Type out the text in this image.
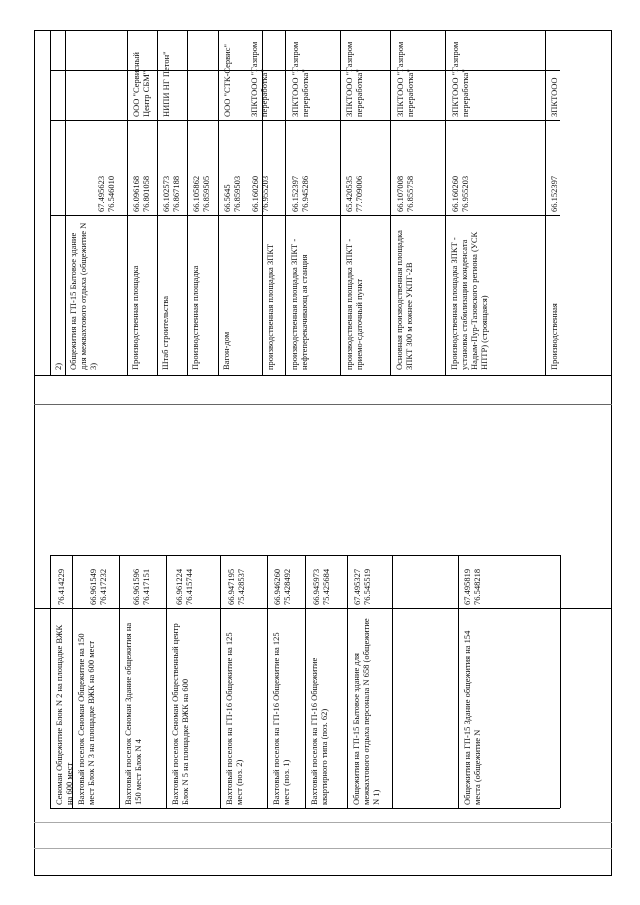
Сеноман Общежитие Блок N 2 на площадке ВЖК на 600 мест

76.414229

Вахтовый поселок Сеноман Общежитие на 150 мест Блок N 3 на площадке ВЖК на 600 мест

66.961549 76.417232

Вахтовый поселок Сеноман Здание общежития на 150 мест Блок N 4

66.961596 76.417151

Вахтовый поселок Сеноман Общественный центр Блок N 5 на площадке ВЖК на 600

66.961224 76.415744

Вахтовый поселок на ГП-16 Общежитие на 125 мест (поз. 2)

66.947195 75.428537

Вахтовый поселок на ГП-16 Общежитие на 125 мест (поз. 1)

66.946260 75.428492

Вахтовый поселок на ГП-16 Общежитие квартирного типа (поз. 62)

66.945973 75.425684

Общежития на ГП-15 Бытовое здание для межвахтового отдыха персонала N 658 (общежитие N 1)

67.495327 76.545519

Общежития на ГП-15 Здание общежития на 154 места (общежитие N

67.495819 76.548218

2) Общежития на ГП-15 Бытовое здание для межвахтового отдыха (общежитие N 3)

67.495623 76.546010

Производственная площадка

66.096168 76.801058

ООО "Сервисный Центр СБМ"

Штаб строительства

66.102573 76.867188

НИПИ НГ Петон"

Производственная площадка

66.105862 76.859505

Вагон-дом

66.5645 76.859503

ООО "СТК-Сервис"

производственная площадка ЗПКТ

66.160260 76.955203

ЗПКТООО "Газпром переработка"

производственная площадка ЗПКТ - нефтеперекачивающ ая станция

66.152397 76.945286

ЗПКТООО "Газпром переработка"

производственная площадка ЗПКТ - приемо-сдаточный пункт

65.420535 77.709006

ЗПКТООО "Газпром переработка"

Основная производственная площадка ЗПКТ 300 м южнее УКПГ-2В

66.107008 76.855758

ЗПКТООО "Газпром переработка"

Производственная площадка ЗПКТ - установка стабилизации конденсата Надым-Пур-Тазовского региона (УСК НПТР) (строящаяся)

66.160260 76.955203

ЗПКТООО "Газпром переработка"

Производственная

66.152397

ЗПКТООО
